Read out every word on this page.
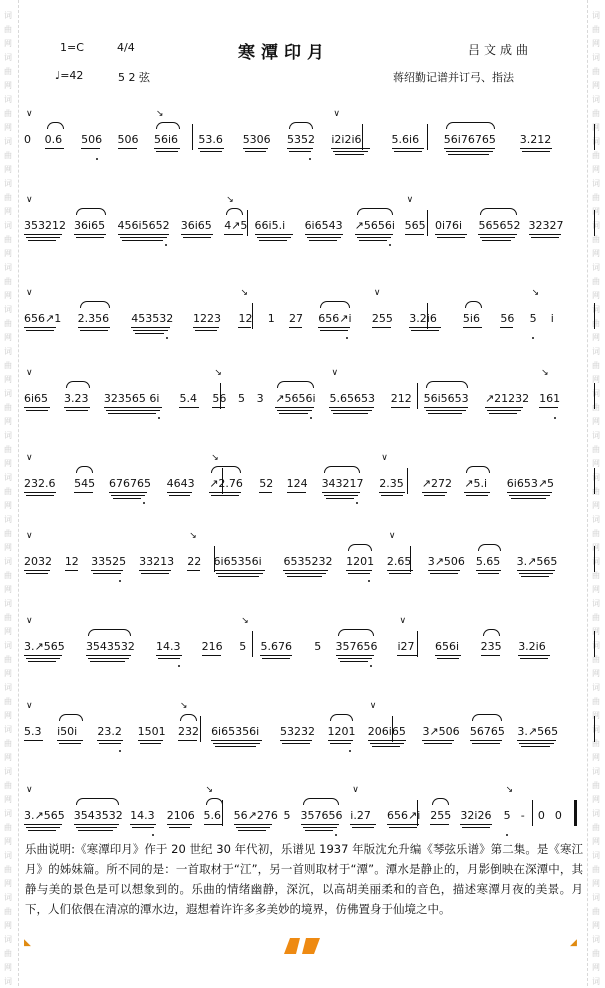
词
曲
网
词
曲
网
词
曲
网
词
曲
网
词
曲
网
词
曲
网
词
曲
网
词
曲
网
词
曲
网
词
曲
网
词
曲
网
词
曲
网
词
曲
网
词
曲
网
词
曲
网
词
曲
网
词
曲
网
词
曲
网
词
曲
网
词
曲
网
词
曲
网
词
曲
网
词
曲
网
词
词
曲
网
词
曲
网
词
曲
网
词
曲
网
词
曲
网
词
曲
网
词
曲
网
词
曲
网
词
曲
网
词
曲
网
词
曲
网
词
曲
网
词
曲
网
词
曲
网
词
曲
网
词
曲
网
词
曲
网
词
曲
网
词
曲
网
词
曲
网
词
曲
网
词
曲
网
词
曲
网
词
1=C	4/4	寒潭印月	吕文成曲
♩=42	5 2 弦	蒋绍勤记谱并订弓、指法
0
∨
0.6 506 506 56i6
↘
53.6 5306 5352 i2i2i6
∨
5.6i6 56i76765 3.212
353212
∨
36i65 456i5652 36i65 4↗5
↘
66i5.i 6i6543 ↗5656i 565
∨
0i76i 565652 32327
656↗1
∨
2.356 453532 1223 12
↘
1 27 656↗i 255
∨
3.2i6 5i6 56 5
↘
i
6i65
∨
3.23 323565 6i 5.4 56
↘
5 3 ↗5656i 5.65653
∨
212 56i5653 ↗21232 161
↘
232.6
∨
545 676765 4643 ↗2.76
↘
52 124 343217 2.35
∨
↗272 ↗5.i 6i653↗5
2032
∨
12 33525 33213 22
↘
6i65356i 6535232 1201 2.65
∨
3↗506 5.65 3.↗565
3.↗565
∨
3543532 14.3 216 5
↘
5.676 5 357656 i27
∨
656i 235 3.2i6
5.3
∨
i50i 23.2 1501 232
↘
6i65356i 53232 1201 206i65
∨
3↗506 56765 3.↗565
3.↗565
∨
3543532 14.3 2106 5.6
↘
56↗276 5 357656 i.27
∨
656↗i 255 32i26 5
↘
- 0 0
乐曲说明:《寒潭印月》作于 20 世纪 30 年代初，乐谱见 1937 年版沈允升编《琴弦乐谱》第二集。是《寒江月》的姊妹篇。所不同的是：一首取材于“江”，另一首则取材于“潭”。潭水是静止的，月影倒映在深潭中，其静与美的景色是可以想象到的。乐曲的情绪幽静，深沉，以高胡美丽柔和的音色，描述寒潭月夜的美景。月下，人们依偎在清凉的潭水边，遐想着许许多多美妙的境界，仿佛置身于仙境之中。
◣	◢
